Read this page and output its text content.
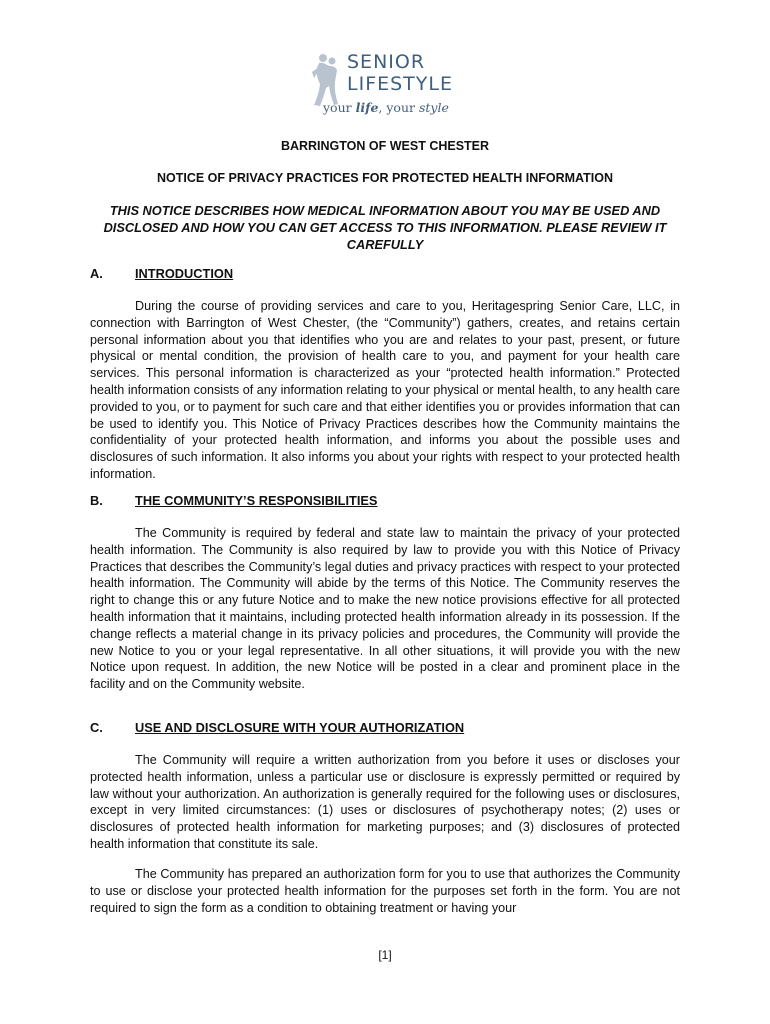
SENIOR
LIFESTYLE
your life, your style
BARRINGTON OF WEST CHESTER
NOTICE OF PRIVACY PRACTICES FOR PROTECTED HEALTH INFORMATION
THIS NOTICE DESCRIBES HOW MEDICAL INFORMATION ABOUT YOU MAY BE USED AND DISCLOSED AND HOW YOU CAN GET ACCESS TO THIS INFORMATION. PLEASE REVIEW IT CAREFULLY
A.	INTRODUCTION

During the course of providing services and care to you, Heritagespring Senior Care, LLC, in connection with Barrington of West Chester, (the “Community”) gathers, creates, and retains certain personal information about you that identifies who you are and relates to your past, present, or future physical or mental condition, the provision of health care to you, and payment for your health care services. This personal information is characterized as your “protected health information.” Protected health information consists of any information relating to your physical or mental health, to any health care provided to you, or to payment for such care and that either identifies you or provides information that can be used to identify you. This Notice of Privacy Practices describes how the Community maintains the confidentiality of your protected health information, and informs you about the possible uses and disclosures of such information. It also informs you about your rights with respect to your protected health information.

B.	THE COMMUNITY’S RESPONSIBILITIES

The Community is required by federal and state law to maintain the privacy of your protected health information. The Community is also required by law to provide you with this Notice of Privacy Practices that describes the Community’s legal duties and privacy practices with respect to your protected health information. The Community will abide by the terms of this Notice. The Community reserves the right to change this or any future Notice and to make the new notice provisions effective for all protected health information that it maintains, including protected health information already in its possession. If the change reflects a material change in its privacy policies and procedures, the Community will provide the new Notice to you or your legal representative. In all other situations, it will provide you with the new Notice upon request. In addition, the new Notice will be posted in a clear and prominent place in the facility and on the Community website.

C.	USE AND DISCLOSURE WITH YOUR AUTHORIZATION

The Community will require a written authorization from you before it uses or discloses your protected health information, unless a particular use or disclosure is expressly permitted or required by law without your authorization. An authorization is generally required for the following uses or disclosures, except in very limited circumstances: (1) uses or disclosures of psychotherapy notes; (2) uses or disclosures of protected health information for marketing purposes; and (3) disclosures of protected health information that constitute its sale.

The Community has prepared an authorization form for you to use that authorizes the Community to use or disclose your protected health information for the purposes set forth in the form. You are not required to sign the form as a condition to obtaining treatment or having your

[1]
